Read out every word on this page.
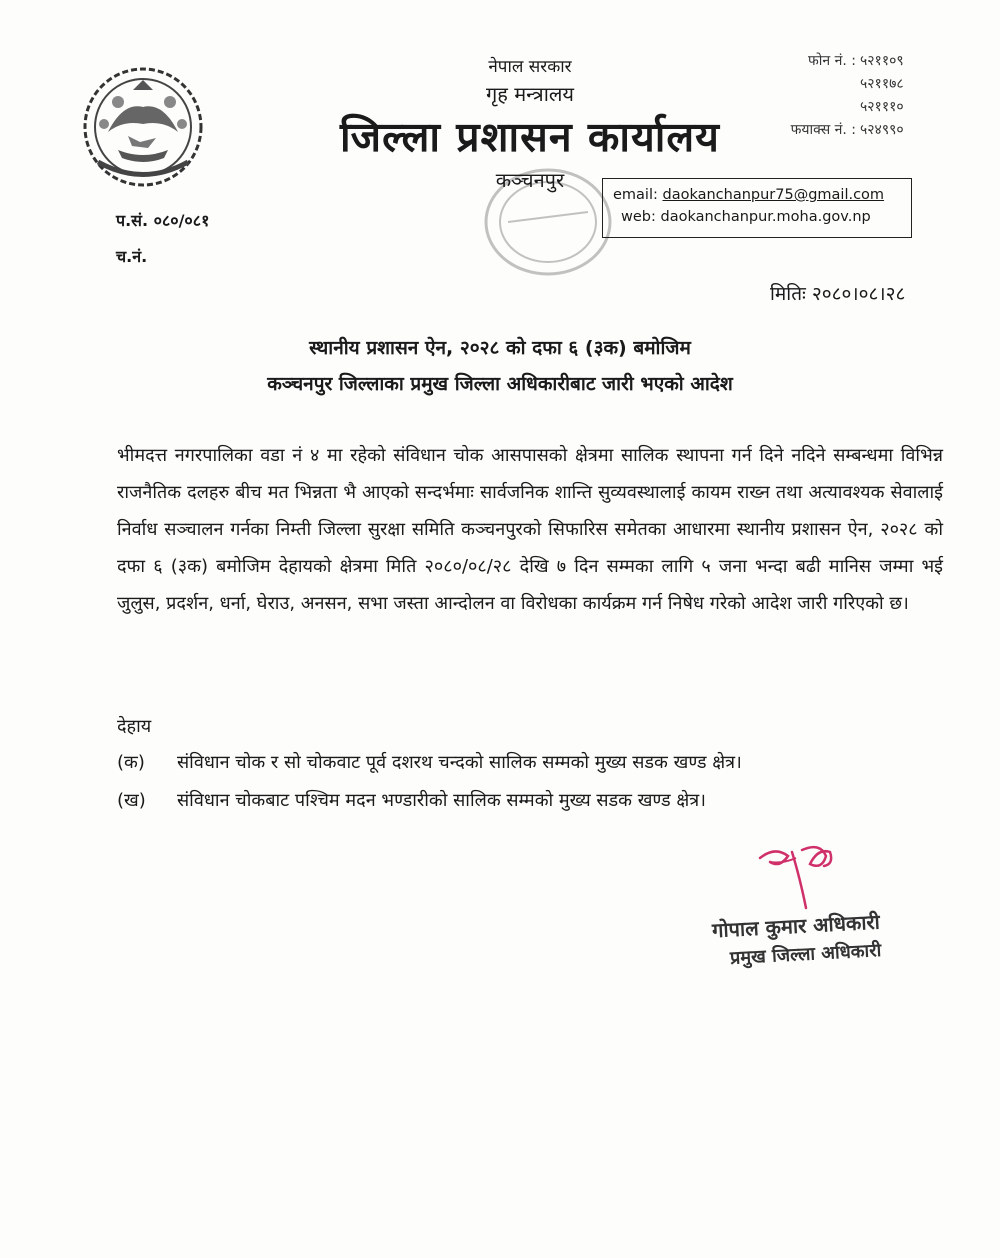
नेपाल सरकार
गृह मन्त्रालय
जिल्ला प्रशासन कार्यालय
कञ्चनपुर
फोन नं. : ५२११०९
५२११७८
५२१११०
फयाक्स नं. : ५२४९९०
email: daokanchanpur75@gmail.com
web: daokanchanpur.moha.gov.np
प.सं. ०८०/०८१
च.नं.
मितिः २०८०।०८।२८
स्थानीय प्रशासन ऐन, २०२८ को दफा ६ (३क) बमोजिम
कञ्चनपुर जिल्लाका प्रमुख जिल्ला अधिकारीबाट जारी भएको आदेश
भीमदत्त नगरपालिका वडा नं ४ मा रहेको संविधान चोक आसपासको क्षेत्रमा सालिक स्थापना गर्न दिने नदिने सम्बन्धमा विभिन्न राजनैतिक दलहरु बीच मत भिन्नता भै आएको सन्दर्भमाः सार्वजनिक शान्ति सुव्यवस्थालाई कायम राख्न तथा अत्यावश्यक सेवालाई निर्वाध सञ्चालन गर्नका निम्ती जिल्ला सुरक्षा समिति कञ्चनपुरको सिफारिस समेतका आधारमा स्थानीय प्रशासन ऐन, २०२८ को दफा ६ (३क) बमोजिम देहायको क्षेत्रमा मिति २०८०/०८/२८ देखि ७ दिन सम्मका लागि ५ जना भन्दा बढी मानिस जम्मा भई जुलुस, प्रदर्शन, धर्ना, घेराउ, अनसन, सभा जस्ता आन्दोलन वा विरोधका कार्यक्रम गर्न निषेध गरेको आदेश जारी गरिएको छ।
देहाय
(क)	संविधान चोक र सो चोकवाट पूर्व दशरथ चन्दको सालिक सम्मको मुख्य सडक खण्ड क्षेत्र।
(ख)	संविधान चोकबाट पश्चिम मदन भण्डारीको सालिक सम्मको मुख्य सडक खण्ड क्षेत्र।
गोपाल कुमार अधिकारी
प्रमुख जिल्ला अधिकारी
